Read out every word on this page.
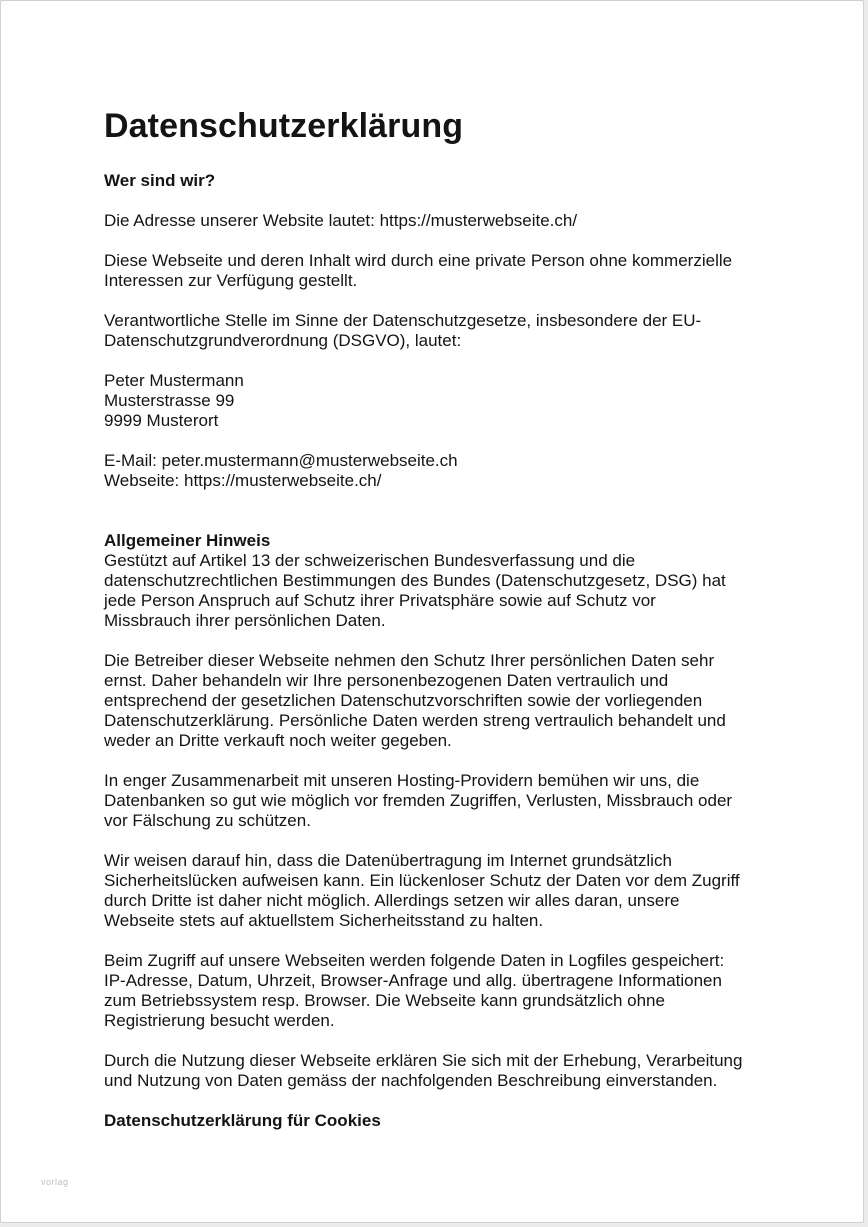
Datenschutzerklärung
Wer sind wir?

Die Adresse unserer Website lautet: https://musterwebseite.ch/

Diese Webseite und deren Inhalt wird durch eine private Person ohne kommerzielle
Interessen zur Verfügung gestellt.

Verantwortliche Stelle im Sinne der Datenschutzgesetze, insbesondere der EU-
Datenschutzgrundverordnung (DSGVO), lautet:

Peter Mustermann
Musterstrasse 99
9999 Musterort

E-Mail: peter.mustermann@musterwebseite.ch
Webseite: https://musterwebseite.ch/

Allgemeiner Hinweis

Gestützt auf Artikel 13 der schweizerischen Bundesverfassung und die
datenschutzrechtlichen Bestimmungen des Bundes (Datenschutzgesetz, DSG) hat
jede Person Anspruch auf Schutz ihrer Privatsphäre sowie auf Schutz vor
Missbrauch ihrer persönlichen Daten.

Die Betreiber dieser Webseite nehmen den Schutz Ihrer persönlichen Daten sehr
ernst. Daher behandeln wir Ihre personenbezogenen Daten vertraulich und
entsprechend der gesetzlichen Datenschutzvorschriften sowie der vorliegenden
Datenschutzerklärung. Persönliche Daten werden streng vertraulich behandelt und
weder an Dritte verkauft noch weiter gegeben.

In enger Zusammenarbeit mit unseren Hosting-Providern bemühen wir uns, die
Datenbanken so gut wie möglich vor fremden Zugriffen, Verlusten, Missbrauch oder
vor Fälschung zu schützen.

Wir weisen darauf hin, dass die Datenübertragung im Internet grundsätzlich
Sicherheitslücken aufweisen kann. Ein lückenloser Schutz der Daten vor dem Zugriff
durch Dritte ist daher nicht möglich. Allerdings setzen wir alles daran, unsere
Webseite stets auf aktuellstem Sicherheitsstand zu halten.

Beim Zugriff auf unsere Webseiten werden folgende Daten in Logfiles gespeichert:
IP-Adresse, Datum, Uhrzeit, Browser-Anfrage und allg. übertragene Informationen
zum Betriebssystem resp. Browser. Die Webseite kann grundsätzlich ohne
Registrierung besucht werden.

Durch die Nutzung dieser Webseite erklären Sie sich mit der Erhebung, Verarbeitung
und Nutzung von Daten gemäss der nachfolgenden Beschreibung einverstanden.

Datenschutzerklärung für Cookies
vorlag
